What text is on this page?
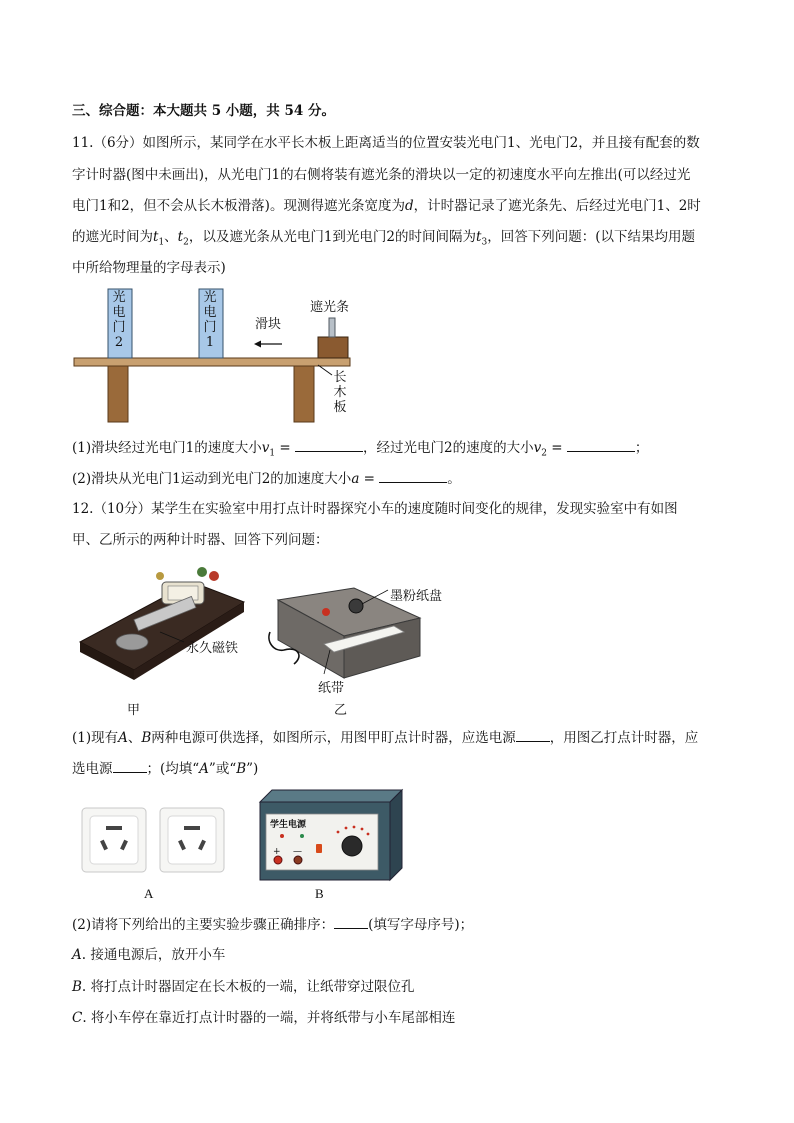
三、综合题：本大题共 5 小题，共 54 分。
11.（6分）如图所示，某同学在水平长木板上距离适当的位置安装光电门1、光电门2，并且接有配套的数
字计时器(图中未画出)，从光电门1的右侧将装有遮光条的滑块以一定的初速度水平向左推出(可以经过光
电门1和2，但不会从长木板滑落)。现测得遮光条宽度为d，计时器记录了遮光条先、后经过光电门1、2时
的遮光时间为$t_1$、$t_2$，以及遮光条从光电门1到光电门2的时间间隔为$t_3$，回答下列问题：(以下结果均用题
中所给物理量的字母表示)
光
电
门
2
光
电
门
1
滑块
遮光条
长
木
板
(1)滑块经过光电门1的速度大小$v_1$ =	，经过光电门2的速度的大小$v_2$ =	；
(2)滑块从光电门1运动到光电门2的加速度大小a =	。
12.（10分）某学生在实验室中用打点计时器探究小车的速度随时间变化的规律，发现实验室中有如图
甲、乙所示的两种计时器、回答下列问题：
永久磁铁
甲
墨粉纸盘
纸带
乙
(1)现有A、B两种电源可供选择，如图所示，用图甲盯点计时器，应选电源	，用图乙打点计时器，应
选电源	；(均填“A”或“B”)
A
学生电源
+ —
B
(2)请将下列给出的主要实验步骤正确排序：	(填写字母序号)；
A. 接通电源后，放开小车
B. 将打点计时器固定在长木板的一端，让纸带穿过限位孔
C. 将小车停在靠近打点计时器的一端，并将纸带与小车尾部相连
